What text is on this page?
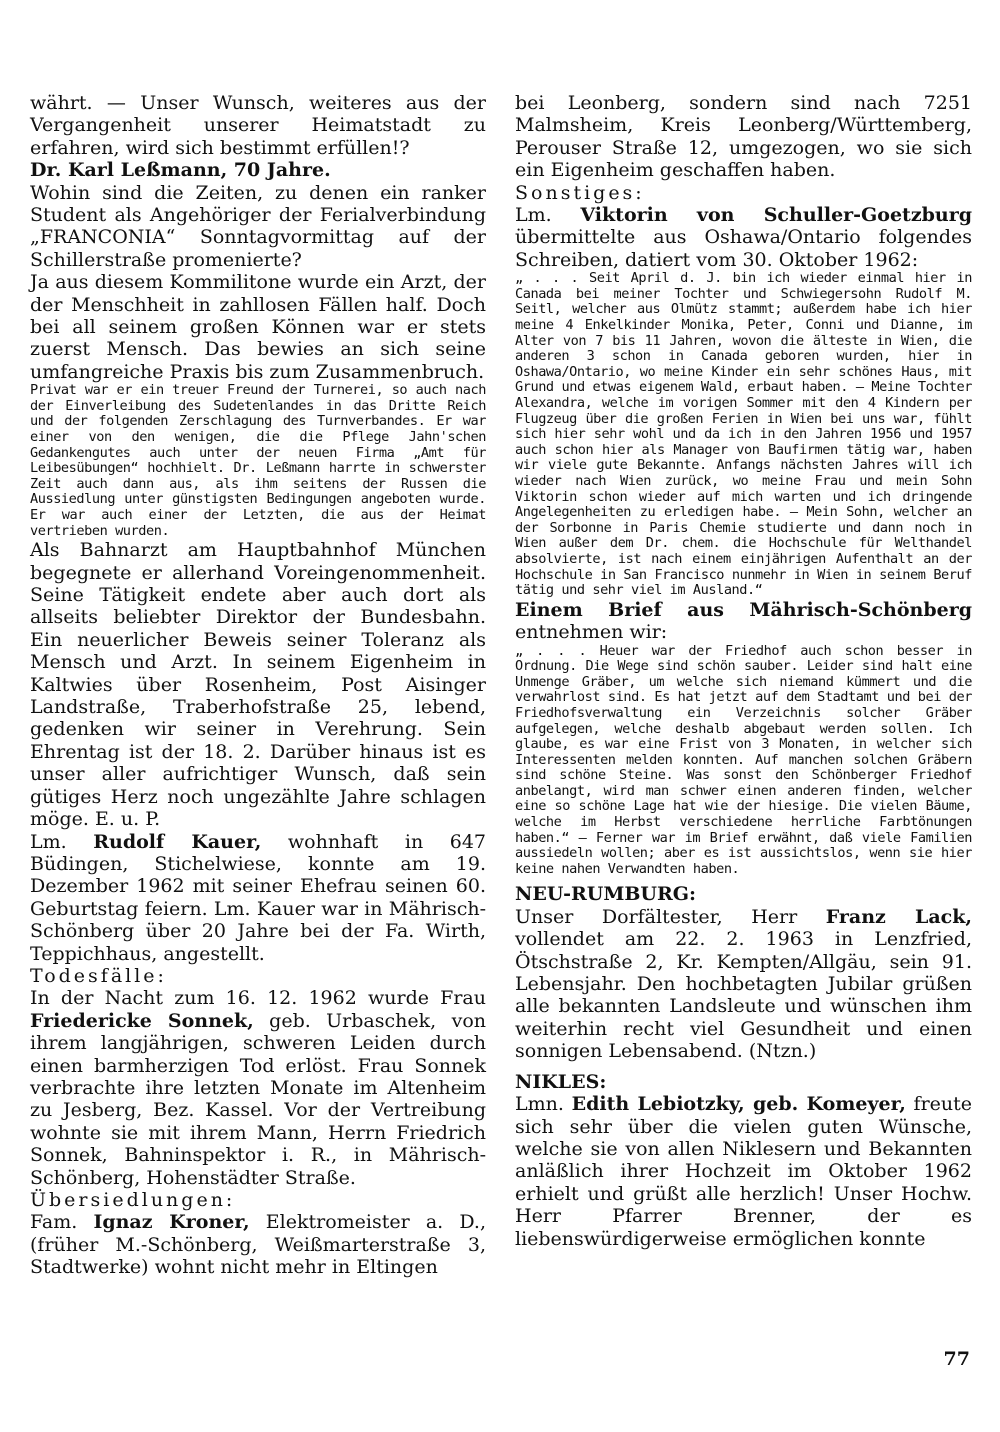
währt. — Unser Wunsch, weiteres aus der Vergangenheit unserer Heimatstadt zu erfahren, wird sich bestimmt erfüllen!?

Dr. Karl Leßmann, 70 Jahre.

Wohin sind die Zeiten, zu denen ein ranker Student als Angehöriger der Ferialverbindung „FRANCONIA“ Sonntagvormittag auf der Schillerstraße promenierte?

Ja aus diesem Kommilitone wurde ein Arzt, der der Menschheit in zahllosen Fällen half. Doch bei all seinem großen Können war er stets zuerst Mensch. Das bewies an sich seine umfangreiche Praxis bis zum Zusammenbruch.

Privat war er ein treuer Freund der Turnerei, so auch nach der Einverleibung des Sudetenlandes in das Dritte Reich und der folgenden Zerschlagung des Turnverbandes. Er war einer von den wenigen, die die Pflege Jahn'schen Gedankengutes auch unter der neuen Firma „Amt für Leibesübungen“ hochhielt. Dr. Leßmann harrte in schwerster Zeit auch dann aus, als ihm seitens der Russen die Aussiedlung unter günstigsten Bedingungen angeboten wurde. Er war auch einer der Letzten, die aus der Heimat vertrieben wurden.

Als Bahnarzt am Hauptbahnhof München begegnete er allerhand Voreingenommenheit. Seine Tätigkeit endete aber auch dort als allseits beliebter Direktor der Bundesbahn. Ein neuerlicher Beweis seiner Toleranz als Mensch und Arzt. In seinem Eigenheim in Kaltwies über Rosenheim, Post Aisinger Landstraße, Traberhofstraße 25, lebend, gedenken wir seiner in Verehrung. Sein Ehrentag ist der 18. 2. Darüber hinaus ist es unser aller aufrichtiger Wunsch, daß sein gütiges Herz noch ungezählte Jahre schlagen möge. E. u. P.

Lm. Rudolf Kauer, wohnhaft in 647 Büdingen, Stichelwiese, konnte am 19. Dezember 1962 mit seiner Ehefrau seinen 60. Geburtstag feiern. Lm. Kauer war in Mährisch-Schönberg über 20 Jahre bei der Fa. Wirth, Teppichhaus, angestellt.

Todesfälle:

In der Nacht zum 16. 12. 1962 wurde Frau Friedericke Sonnek, geb. Urbaschek, von ihrem langjährigen, schweren Leiden durch einen barmherzigen Tod erlöst. Frau Sonnek verbrachte ihre letzten Monate im Altenheim zu Jesberg, Bez. Kassel. Vor der Vertreibung wohnte sie mit ihrem Mann, Herrn Friedrich Sonnek, Bahninspektor i. R., in Mährisch-Schönberg, Hohenstädter Straße.

Übersiedlungen:

Fam. Ignaz Kroner, Elektromeister a. D., (früher M.-Schönberg, Weißmarterstraße 3, Stadtwerke) wohnt nicht mehr in Eltingen

bei Leonberg, sondern sind nach 7251 Malmsheim, Kreis Leonberg/Württemberg, Perouser Straße 12, umgezogen, wo sie sich ein Eigenheim geschaffen haben.

Sonstiges:

Lm. Viktorin von Schuller-Goetzburg übermittelte aus Oshawa/Ontario folgendes Schreiben, datiert vom 30. Oktober 1962:

„ . . . Seit April d. J. bin ich wieder einmal hier in Canada bei meiner Tochter und Schwiegersohn Rudolf M. Seitl, welcher aus Olmütz stammt; außerdem habe ich hier meine 4 Enkelkinder Monika, Peter, Conni und Dianne, im Alter von 7 bis 11 Jahren, wovon die älteste in Wien, die anderen 3 schon in Canada geboren wurden, hier in Oshawa/Ontario, wo meine Kinder ein sehr schönes Haus, mit Grund und etwas eigenem Wald, erbaut haben. — Meine Tochter Alexandra, welche im vorigen Sommer mit den 4 Kindern per Flugzeug über die großen Ferien in Wien bei uns war, fühlt sich hier sehr wohl und da ich in den Jahren 1956 und 1957 auch schon hier als Manager von Baufirmen tätig war, haben wir viele gute Bekannte. Anfangs nächsten Jahres will ich wieder nach Wien zurück, wo meine Frau und mein Sohn Viktorin schon wieder auf mich warten und ich dringende Angelegenheiten zu erledigen habe. — Mein Sohn, welcher an der Sorbonne in Paris Chemie studierte und dann noch in Wien außer dem Dr. chem. die Hochschule für Welthandel absolvierte, ist nach einem einjährigen Aufenthalt an der Hochschule in San Francisco nunmehr in Wien in seinem Beruf tätig und sehr viel im Ausland.“

Einem Brief aus Mährisch-Schönberg entnehmen wir:

„ . . . Heuer war der Friedhof auch schon besser in Ordnung. Die Wege sind schön sauber. Leider sind halt eine Unmenge Gräber, um welche sich niemand kümmert und die verwahrlost sind. Es hat jetzt auf dem Stadtamt und bei der Friedhofsverwaltung ein Verzeichnis solcher Gräber aufgelegen, welche deshalb abgebaut werden sollen. Ich glaube, es war eine Frist von 3 Monaten, in welcher sich Interessenten melden konnten. Auf manchen solchen Gräbern sind schöne Steine. Was sonst den Schönberger Friedhof anbelangt, wird man schwer einen anderen finden, welcher eine so schöne Lage hat wie der hiesige. Die vielen Bäume, welche im Herbst verschiedene herrliche Farbtönungen haben.“ — Ferner war im Brief erwähnt, daß viele Familien aussiedeln wollen; aber es ist aussichtslos, wenn sie hier keine nahen Verwandten haben.

NEU-RUMBURG:

Unser Dorfältester, Herr Franz Lack, vollendet am 22. 2. 1963 in Lenzfried, Ötschstraße 2, Kr. Kempten/Allgäu, sein 91. Lebensjahr. Den hochbetagten Jubilar grüßen alle bekannten Landsleute und wünschen ihm weiterhin recht viel Gesundheit und einen sonnigen Lebensabend. (Ntzn.)

NIKLES:

Lmn. Edith Lebiotzky, geb. Komeyer, freute sich sehr über die vielen guten Wünsche, welche sie von allen Niklesern und Bekannten anläßlich ihrer Hochzeit im Oktober 1962 erhielt und grüßt alle herzlich! Unser Hochw. Herr Pfarrer Brenner, der es liebenswürdigerweise ermöglichen konnte

77
